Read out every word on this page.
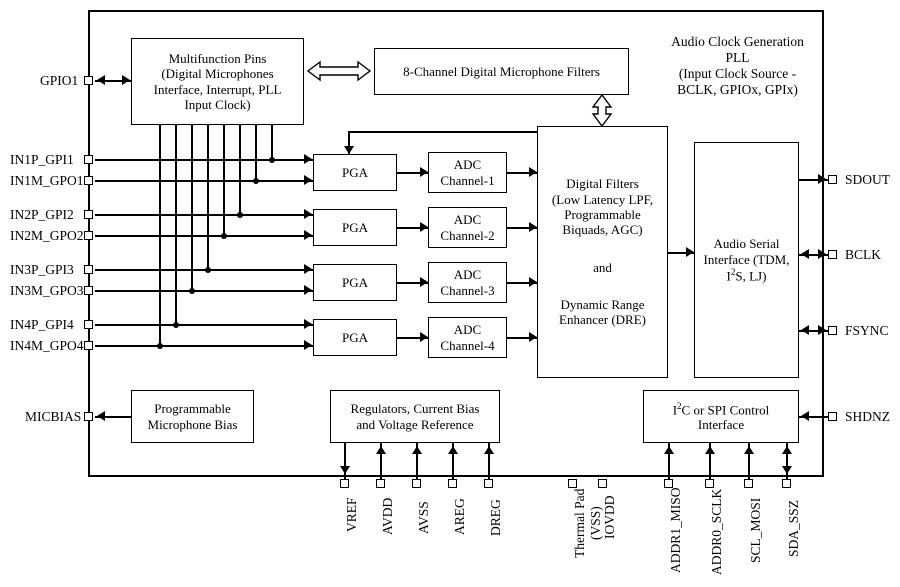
Multifunction Pins
(Digital Microphones
Interface, Interrupt, PLL
Input Clock)
8-Channel Digital Microphone Filters
Audio Clock Generation
PLL
(Input Clock Source -
BCLK, GPIOx, GPIx)
PGA
PGA
PGA
PGA
ADC
Channel-1
ADC
Channel-2
ADC
Channel-3
ADC
Channel-4
Digital Filters
(Low Latency LPF,
Programmable
Biquads, AGC)
and
Dynamic Range
Enhancer (DRE)
Audio Serial
Interface (TDM,
$I^2S$, LJ)
Programmable
Microphone Bias
Regulators, Current Bias
and Voltage Reference
$I^2C$ or SPI Control
Interface
GPIO1
IN1P_GPI1
IN1M_GPO1
IN2P_GPI2
IN2M_GPO2
IN3P_GPI3
IN3M_GPO3
IN4P_GPI4
IN4M_GPO4
MICBIAS
SDOUT
BCLK
FSYNC
SHDNZ
VREF AVDD AVSS AREG DREG	Thermal Pad (VSS) IOVDD	ADDR1_MISO ADDR0_SCLK SCL_MOSI SDA_SSZ
